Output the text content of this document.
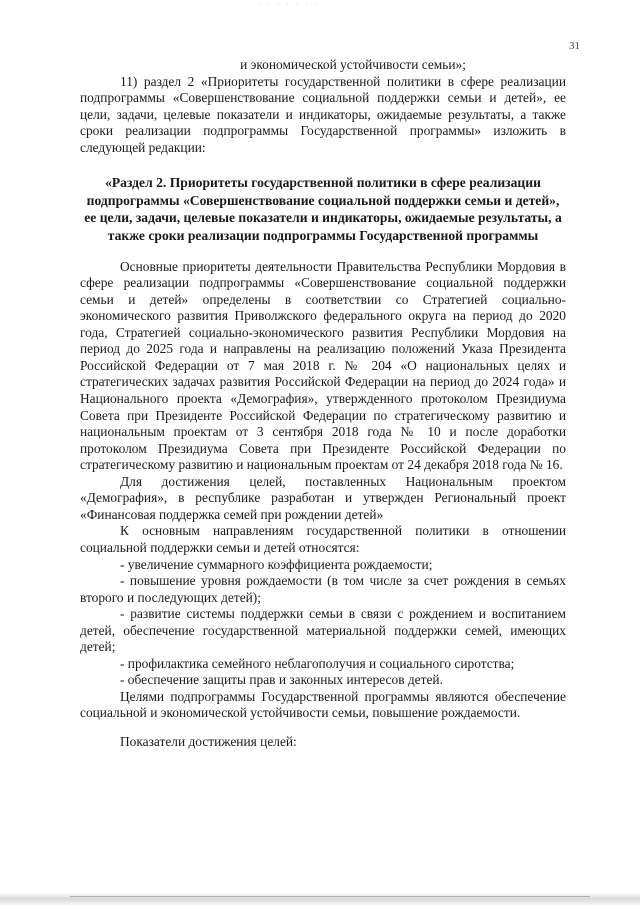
· · · · · · ·
31

и экономической устойчивости семьи»;

11) раздел 2 «Приоритеты государственной политики в сфере реализации подпрограммы «Совершенствование социальной поддержки семьи и детей», ее цели, задачи, целевые показатели и индикаторы, ожидаемые результаты, а также сроки реализации подпрограммы Государственной программы» изложить в следующей редакции:

«Раздел 2. Приоритеты государственной политики в сфере реализации подпрограммы «Совершенствование социальной поддержки семьи и детей», ее цели, задачи, целевые показатели и индикаторы, ожидаемые результаты, а также сроки реализации подпрограммы Государственной программы

Основные приоритеты деятельности Правительства Республики Мордовия в сфере реализации подпрограммы «Совершенствование социальной поддержки семьи и детей» определены в соответствии со Стратегией социально-экономического развития Приволжского федерального округа на период до 2020 года, Стратегией социально-экономического развития Республики Мордовия на период до 2025 года и направлены на реализацию положений Указа Президента Российской Федерации от 7 мая 2018 г. № 204 «О национальных целях и стратегических задачах развития Российской Федерации на период до 2024 года» и Национального проекта «Демография», утвержденного протоколом Президиума Совета при Президенте Российской Федерации по стратегическому развитию и национальным проектам от 3 сентября 2018 года № 10 и после доработки протоколом Президиума Совета при Президенте Российской Федерации по стратегическому развитию и национальным проектам от 24 декабря 2018 года № 16.

Для достижения целей, поставленных Национальным проектом «Демография», в республике разработан и утвержден Региональный проект «Финансовая поддержка семей при рождении детей»

К основным направлениям государственной политики в отношении социальной поддержки семьи и детей относятся:

- увеличение суммарного коэффициента рождаемости;

- повышение уровня рождаемости (в том числе за счет рождения в семьях второго и последующих детей);

- развитие системы поддержки семьи в связи с рождением и воспитанием детей, обеспечение государственной материальной поддержки семей, имеющих детей;

- профилактика семейного неблагополучия и социального сиротства;

- обеспечение защиты прав и законных интересов детей.

Целями подпрограммы Государственной программы являются обеспечение социальной и экономической устойчивости семьи, повышение рождаемости.

Показатели достижения целей:
